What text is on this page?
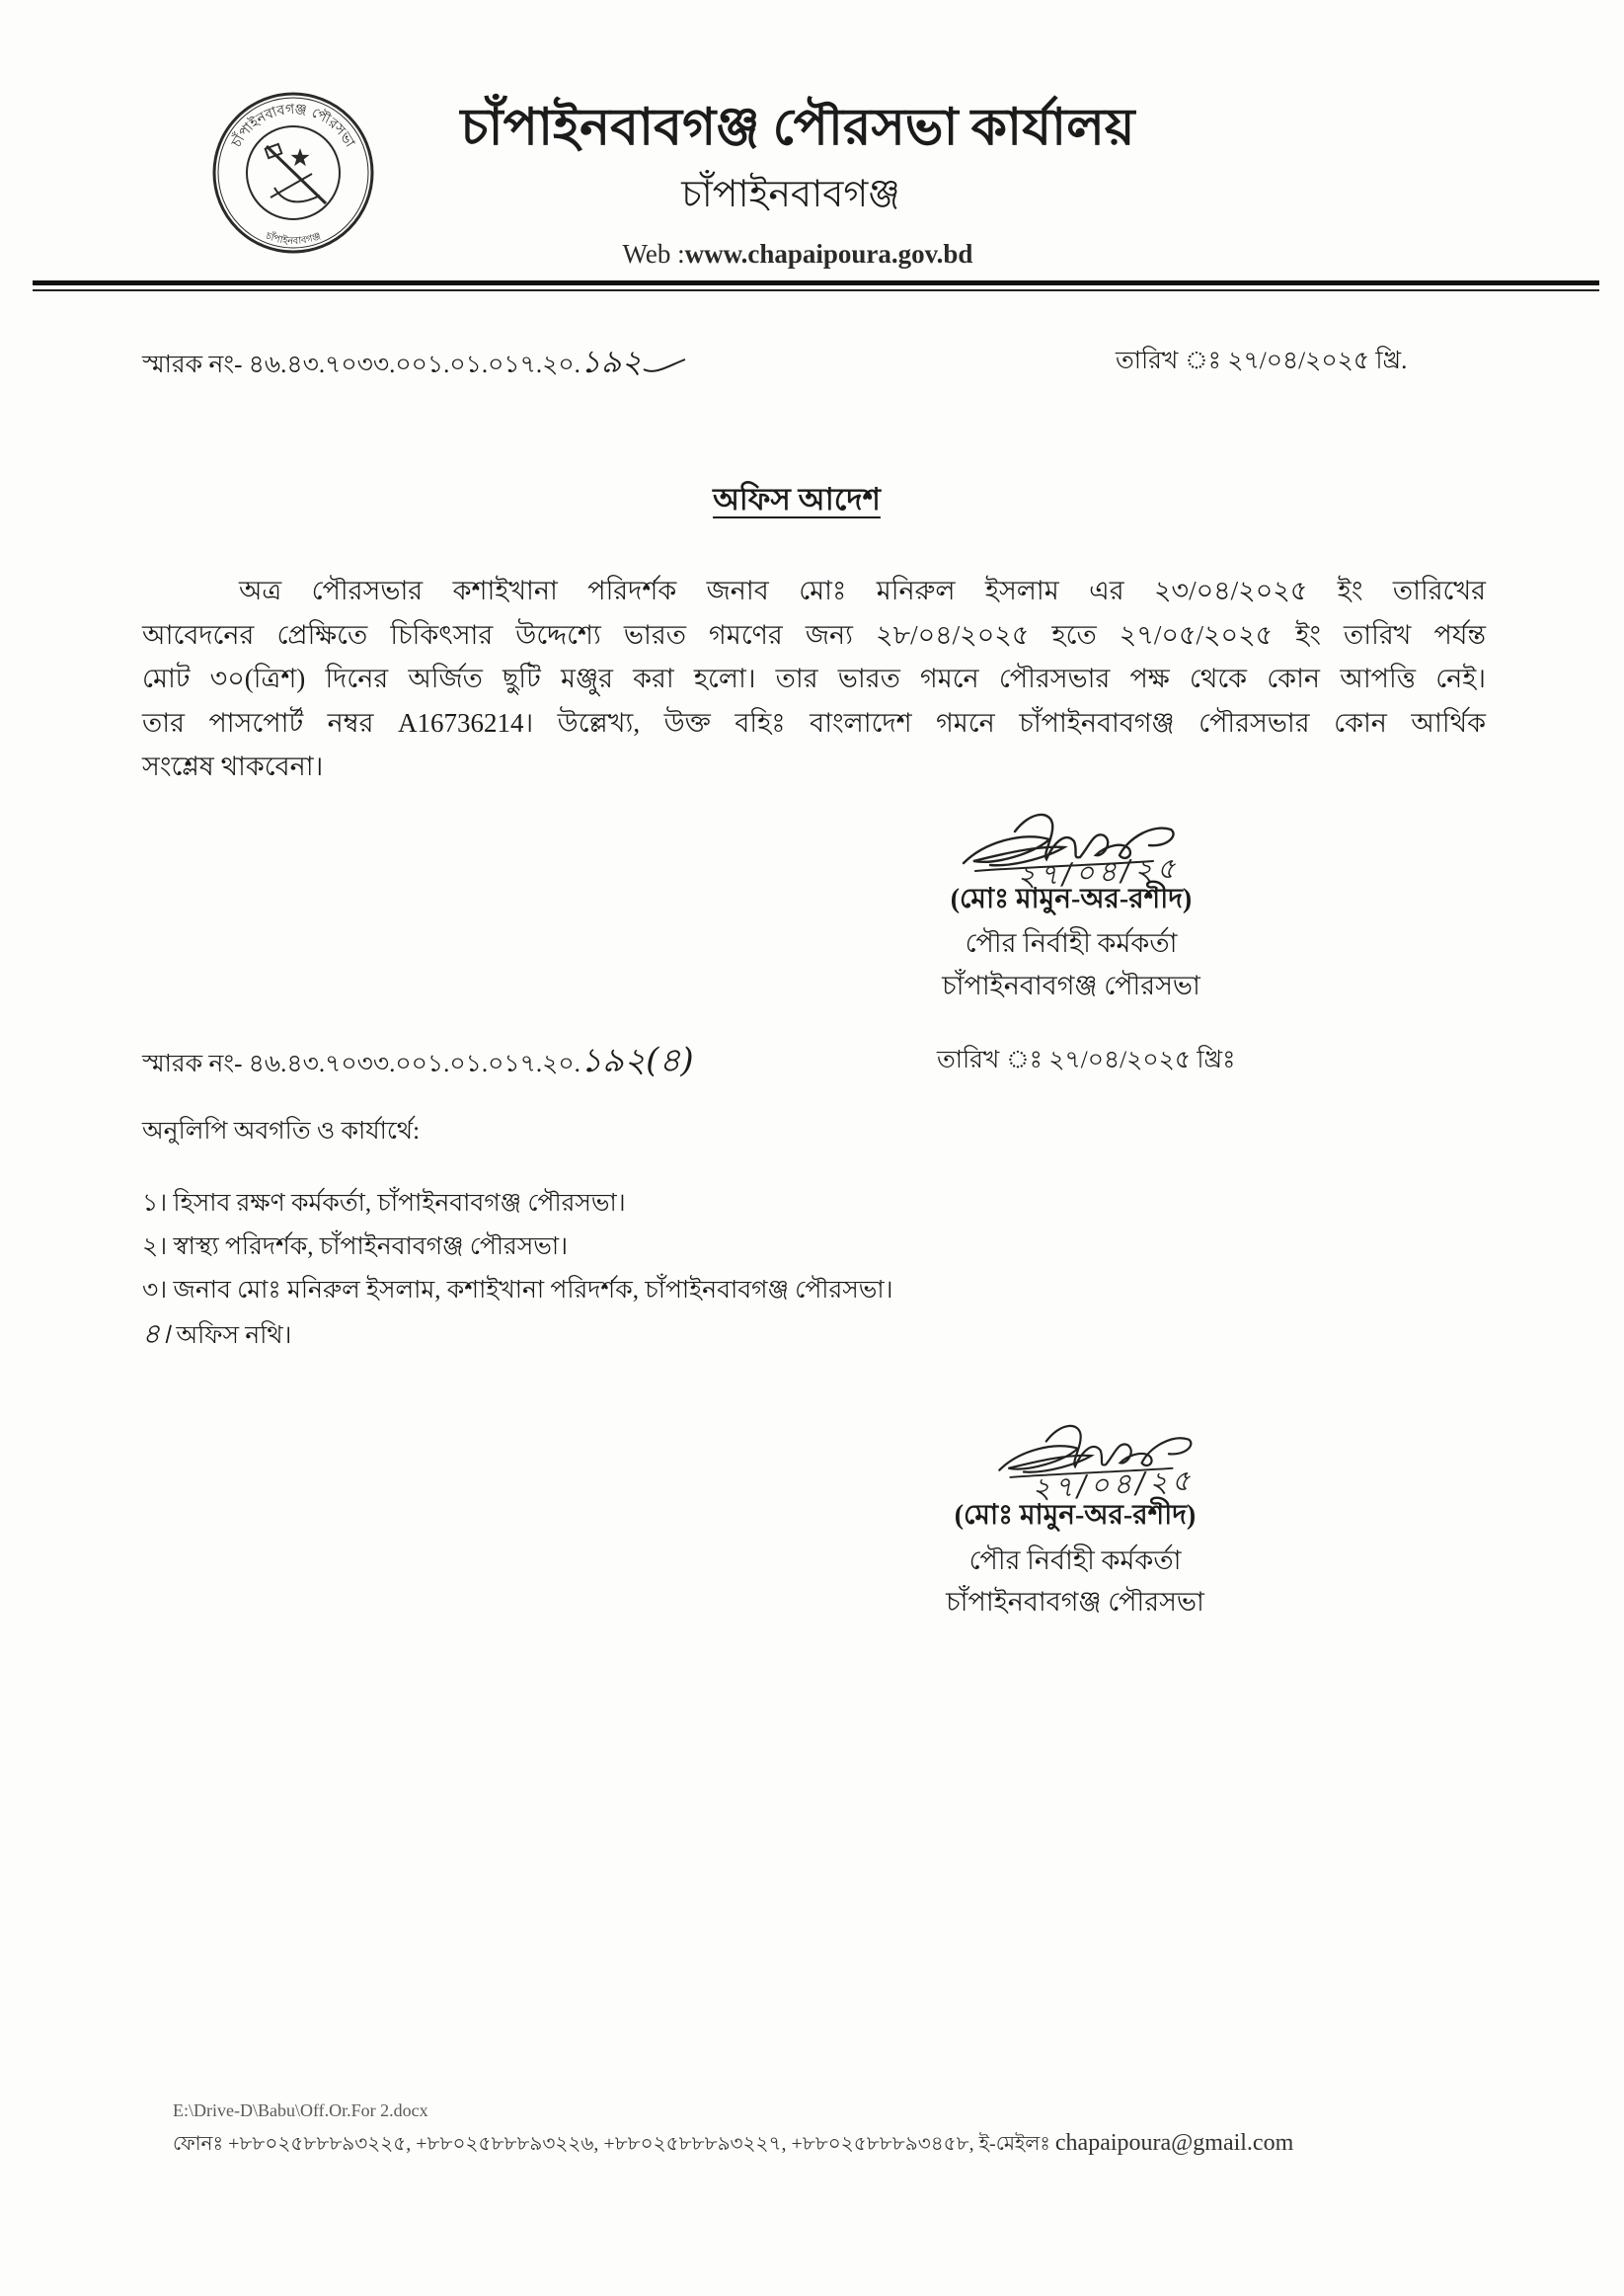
চাঁপাইনবাবগঞ্জ পৌরসভা
চাঁপাইনবাবগঞ্জ
চাঁপাইনবাবগঞ্জ পৌরসভা কার্যালয়
চাঁপাইনবাবগঞ্জ
Web :www.chapaipoura.gov.bd
স্মারক নং- ৪৬.৪৩.৭০৩৩.০০১.০১.০১৭.২০.১৯২	তারিখ ঃ ২৭/০৪/২০২৫ খ্রি.
অফিস আদেশ
অত্র পৌরসভার কশাইখানা পরিদর্শক জনাব মোঃ মনিরুল ইসলাম এর ২৩/০৪/২০২৫ ইং তারিখের
আবেদনের প্রেক্ষিতে চিকিৎসার উদ্দেশ্যে ভারত গমণের জন্য ২৮/০৪/২০২৫ হতে ২৭/০৫/২০২৫ ইং তারিখ পর্যন্ত
মোট ৩০(ত্রিশ) দিনের অর্জিত ছুটি মঞ্জুর করা হলো। তার ভারত গমনে পৌরসভার পক্ষ থেকে কোন আপত্তি নেই।
তার পাসপোর্ট নম্বর A16736214। উল্লেখ্য, উক্ত বহিঃ বাংলাদেশ গমনে চাঁপাইনবাবগঞ্জ পৌরসভার কোন আর্থিক
সংশ্লেষ থাকবেনা।
২৭/০৪/২৫
(মোঃ মামুন-অর-রশীদ)
পৌর নির্বাহী কর্মকর্তা
চাঁপাইনবাবগঞ্জ পৌরসভা
স্মারক নং- ৪৬.৪৩.৭০৩৩.০০১.০১.০১৭.২০.১৯২(৪)	তারিখ ঃ ২৭/০৪/২০২৫ খ্রিঃ
অনুলিপি অবগতি ও কার্যার্থে:
১। হিসাব রক্ষণ কর্মকর্তা, চাঁপাইনবাবগঞ্জ পৌরসভা।
২। স্বাস্থ্য পরিদর্শক, চাঁপাইনবাবগঞ্জ পৌরসভা।
৩। জনাব মোঃ মনিরুল ইসলাম, কশাইখানা পরিদর্শক, চাঁপাইনবাবগঞ্জ পৌরসভা।
৪। অফিস নথি।
২৭/০৪/২৫
(মোঃ মামুন-অর-রশীদ)
পৌর নির্বাহী কর্মকর্তা
চাঁপাইনবাবগঞ্জ পৌরসভা
E:\Drive-D\Babu\Off.Or.For 2.docx
ফোনঃ +৮৮০২৫৮৮৮৯৩২২৫, +৮৮০২৫৮৮৮৯৩২২৬, +৮৮০২৫৮৮৮৯৩২২৭, +৮৮০২৫৮৮৮৯৩৪৫৮, ই-মেইলঃ chapaipoura@gmail.com
